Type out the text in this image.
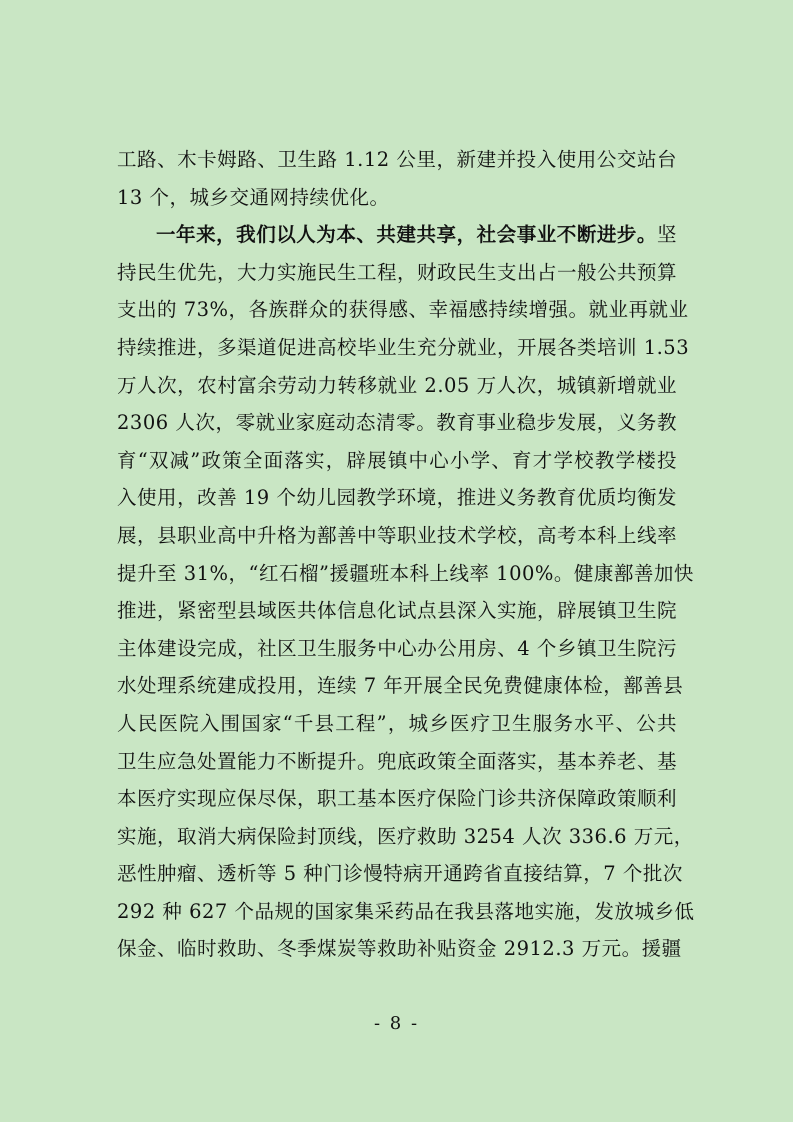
工路、木卡姆路、卫生路 1.12 公里，新建并投入使用公交站台
13 个，城乡交通网持续优化。
一年来，我们以人为本、共建共享，社会事业不断进步。坚
持民生优先，大力实施民生工程，财政民生支出占一般公共预算
支出的 73%，各族群众的获得感、幸福感持续增强。就业再就业
持续推进，多渠道促进高校毕业生充分就业，开展各类培训 1.53
万人次，农村富余劳动力转移就业 2.05 万人次，城镇新增就业
2306 人次，零就业家庭动态清零。教育事业稳步发展，义务教
育“双减”政策全面落实，辟展镇中心小学、育才学校教学楼投
入使用，改善 19 个幼儿园教学环境，推进义务教育优质均衡发
展，县职业高中升格为鄯善中等职业技术学校，高考本科上线率
提升至 31%，“红石榴”援疆班本科上线率 100%。健康鄯善加快
推进，紧密型县域医共体信息化试点县深入实施，辟展镇卫生院
主体建设完成，社区卫生服务中心办公用房、4 个乡镇卫生院污
水处理系统建成投用，连续 7 年开展全民免费健康体检，鄯善县
人民医院入围国家“千县工程”，城乡医疗卫生服务水平、公共
卫生应急处置能力不断提升。兜底政策全面落实，基本养老、基
本医疗实现应保尽保，职工基本医疗保险门诊共济保障政策顺利
实施，取消大病保险封顶线，医疗救助 3254 人次 336.6 万元，
恶性肿瘤、透析等 5 种门诊慢特病开通跨省直接结算，7 个批次
292 种 627 个品规的国家集采药品在我县落地实施，发放城乡低
保金、临时救助、冬季煤炭等救助补贴资金 2912.3 万元。援疆
- 8 -
